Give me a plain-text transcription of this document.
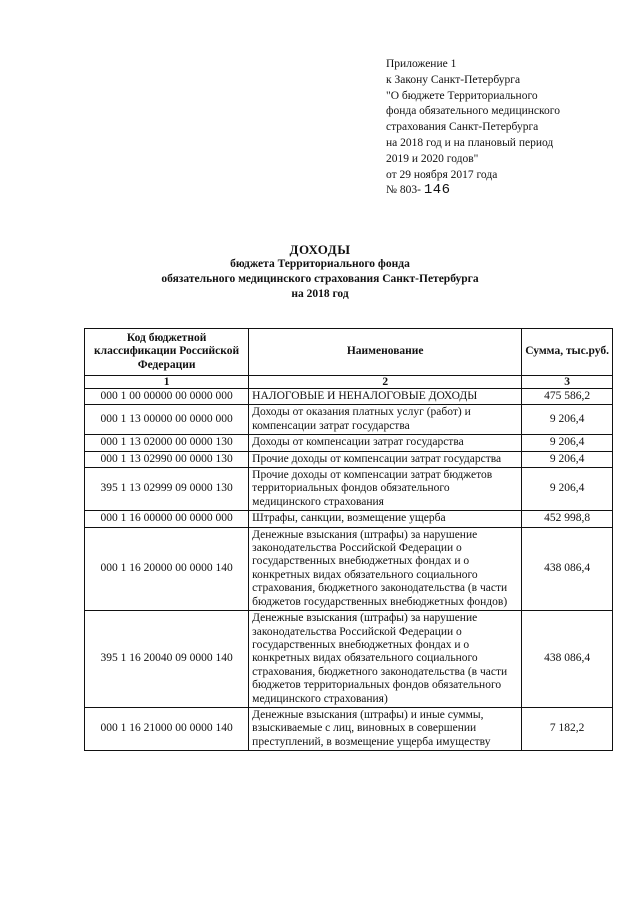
Приложение 1
к Закону Санкт-Петербурга
"О бюджете Территориального
фонда обязательного медицинского
страхования Санкт-Петербурга
на 2018 год и на плановый период
2019 и 2020 годов"
от 29 ноября 2017 года
№ 803- 146
ДОХОДЫ
бюджета Территориального фонда
обязательного медицинского страхования Санкт-Петербурга
на 2018 год
Код бюджетной классификации Российской Федерации	Наименование	Сумма, тыс.руб.
1	2	3
000 1 00 00000 00 0000 000	НАЛОГОВЫЕ И НЕНАЛОГОВЫЕ ДОХОДЫ	475 586,2
000 1 13 00000 00 0000 000	Доходы от оказания платных услуг (работ) и компенсации затрат государства	9 206,4
000 1 13 02000 00 0000 130	Доходы от компенсации затрат государства	9 206,4
000 1 13 02990 00 0000 130	Прочие доходы от компенсации затрат государства	9 206,4
395 1 13 02999 09 0000 130	Прочие доходы от компенсации затрат бюджетов территориальных фондов обязательного медицинского страхования	9 206,4
000 1 16 00000 00 0000 000	Штрафы, санкции, возмещение ущерба	452 998,8
000 1 16 20000 00 0000 140	Денежные взыскания (штрафы) за нарушение законодательства Российской Федерации о государственных внебюджетных фондах и о конкретных видах обязательного социального страхования, бюджетного законодательства (в части бюджетов государственных внебюджетных фондов)	438 086,4
395 1 16 20040 09 0000 140	Денежные взыскания (штрафы) за нарушение законодательства Российской Федерации о государственных внебюджетных фондах и о конкретных видах обязательного социального страхования, бюджетного законодательства (в части бюджетов территориальных фондов обязательного медицинского страхования)	438 086,4
000 1 16 21000 00 0000 140	Денежные взыскания (штрафы) и иные суммы, взыскиваемые с лиц, виновных в совершении преступлений, в возмещение ущерба имуществу	7 182,2
